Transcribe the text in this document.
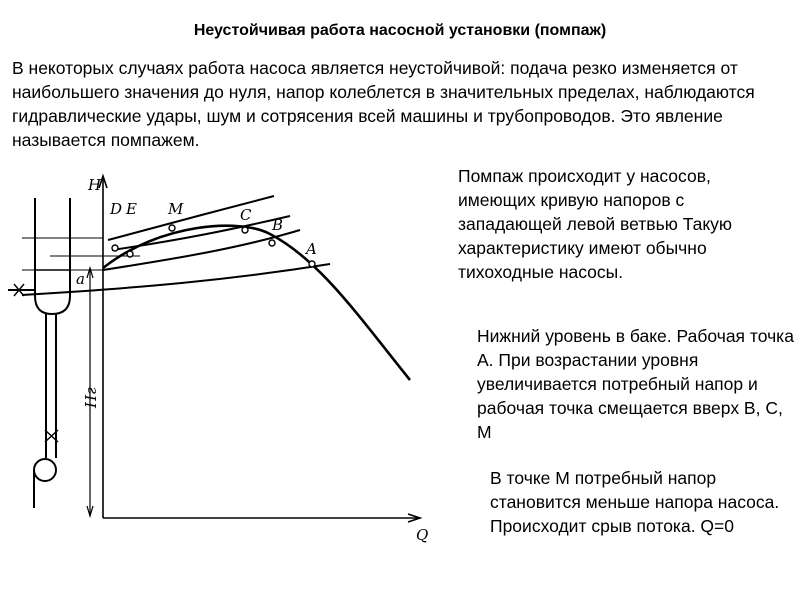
Неустойчивая работа насосной установки (помпаж)
В некоторых случаях работа насоса является неустойчивой: подача резко изменяется от наибольшего значения до нуля, напор колеблется в значительных пределах, наблюдаются гидравлические удары, шум и сотрясения всей машины и трубопроводов. Это явление называется помпажем.
H
Q
a
Hг
D E M	C
B
A
Помпаж происходит у насосов, имеющих кривую напоров с западающей левой ветвью Такую характеристику имеют обычно тихоходные насосы.
Нижний уровень в баке. Рабочая точка А. При возрастании уровня увеличивается потребный напор и рабочая точка смещается вверх В, С, М
В точке М потребный напор становится меньше напора насоса. Происходит срыв потока. Q=0
